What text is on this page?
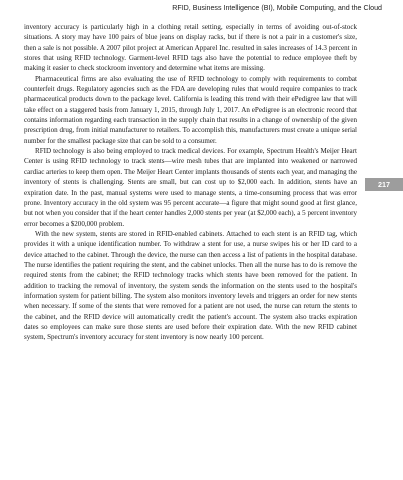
RFID, Business Intelligence (BI), Mobile Computing, and the Cloud

inventory accuracy is particularly high in a clothing retail setting, especially in terms of avoiding out-of-stock situations. A story may have 100 pairs of blue jeans on display racks, but if there is not a pair in a customer's size, then a sale is not possible. A 2007 pilot project at American Apparel Inc. resulted in sales increases of 14.3 percent in stores that using RFID technology. Garment-level RFID tags also have the potential to reduce employee theft by making it easier to check stockroom inventory and determine what items are missing.

Pharmaceutical firms are also evaluating the use of RFID technology to comply with requirements to combat counterfeit drugs. Regulatory agencies such as the FDA are developing rules that would require companies to track pharmaceutical products down to the package level. California is leading this trend with their ePedigree law that will take effect on a staggered basis from January 1, 2015, through July 1, 2017. An ePedigree is an electronic record that contains information regarding each transaction in the supply chain that results in a change of ownership of the given prescription drug, from initial manufacturer to retailers. To accomplish this, manufacturers must create a unique serial number for the smallest package size that can be sold to a consumer.

RFID technology is also being employed to track medical devices. For example, Spectrum Health's Meijer Heart Center is using RFID technology to track stents—wire mesh tubes that are implanted into weakened or narrowed cardiac arteries to keep them open. The Meijer Heart Center implants thousands of stents each year, and managing the inventory of stents is challenging. Stents are small, but can cost up to $2,000 each. In addition, stents have an expiration date. In the past, manual systems were used to manage stents, a time-consuming process that was error prone. Inventory accuracy in the old system was 95 percent accurate—a figure that might sound good at first glance, but not when you consider that if the heart center handles 2,000 stents per year (at $2,000 each), a 5 percent inventory error becomes a $200,000 problem.

With the new system, stents are stored in RFID-enabled cabinets. Attached to each stent is an RFID tag, which provides it with a unique identification number. To withdraw a stent for use, a nurse swipes his or her ID card to a device attached to the cabinet. Through the device, the nurse can then access a list of patients in the hospital database. The nurse identifies the patient requiring the stent, and the cabinet unlocks. Then all the nurse has to do is remove the required stents from the cabinet; the RFID technology tracks which stents have been removed for the patient. In addition to tracking the removal of inventory, the system sends the information on the stents used to the hospital's information system for patient billing. The system also monitors inventory levels and triggers an order for new stents when necessary. If some of the stents that were removed for a patient are not used, the nurse can return the stents to the cabinet, and the RFID device will automatically credit the patient's account. The system also tracks expiration dates so employees can make sure those stents are used before their expiration date. With the new RFID cabinet system, Spectrum's inventory accuracy for stent inventory is now nearly 100 percent.

217
